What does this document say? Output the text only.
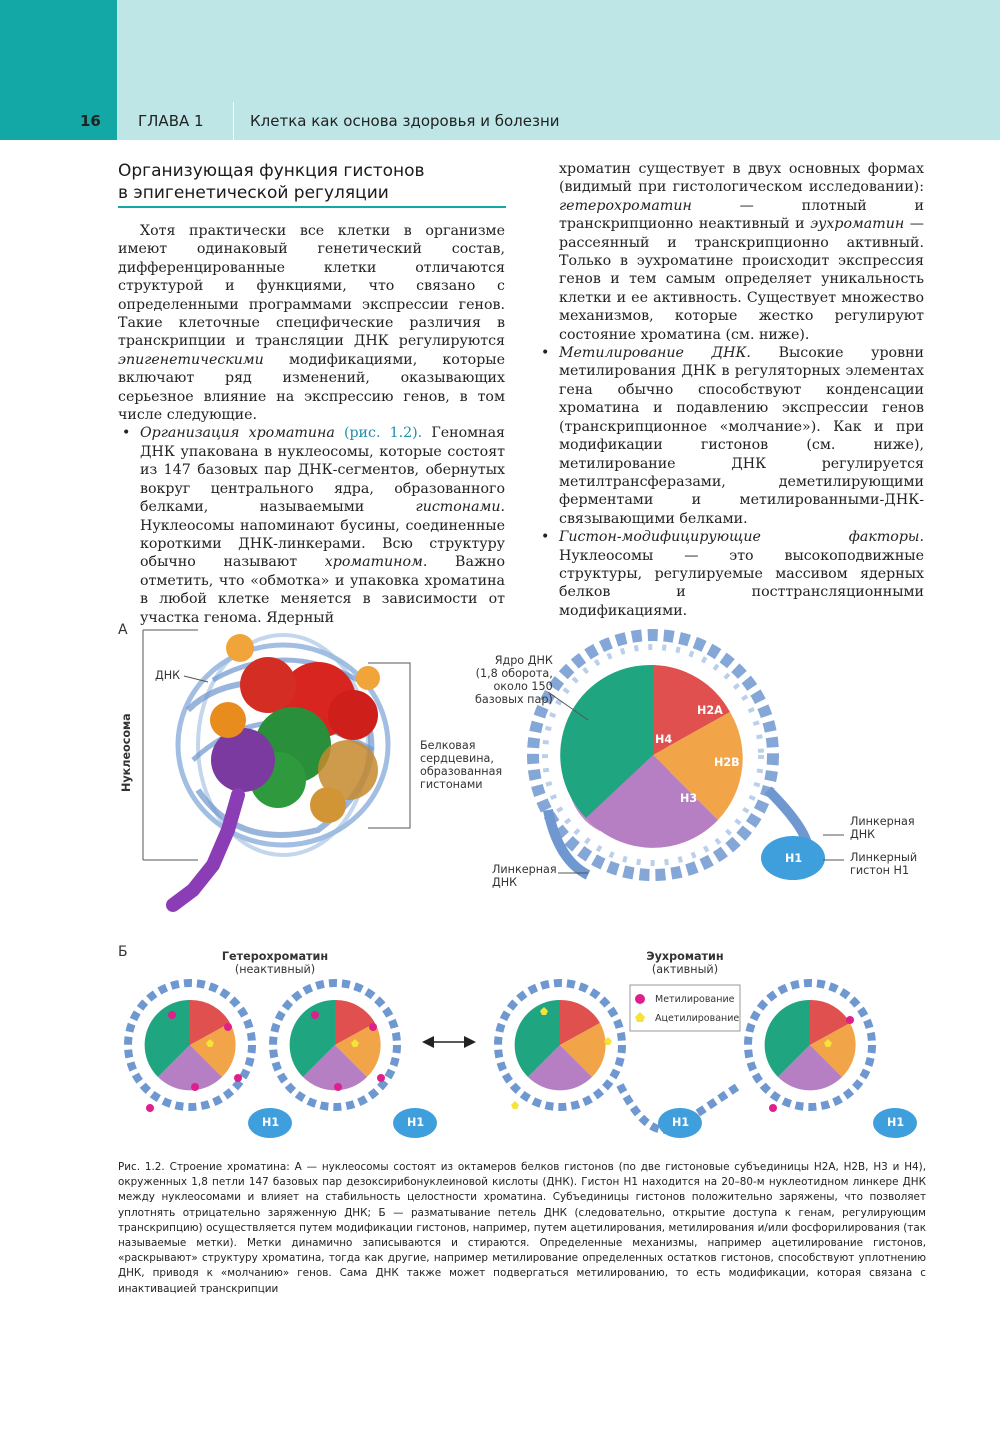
16 ГЛАВА 1	Клетка как основа здоровья и болезни
Организующая функция гистонов
в эпигенетической регуляции

Хотя практически все клетки в организме имеют одинаковый генетический состав, дифференцированные клетки отличаются структурой и функциями, что связано с определенными программами экспрессии генов. Такие клеточные специфические различия в транскрипции и трансляции ДНК регулируются эпигенетическими модификациями, которые включают ряд изменений, оказывающих серьезное влияние на экспрессию генов, в том числе следующие.

• Организация хроматина (рис. 1.2). Геномная ДНК упакована в нуклеосомы, которые состоят из 147 базовых пар ДНК-сегментов, обернутых вокруг центрального ядра, образованного белками, называемыми гистонами. Нуклеосомы напоминают бусины, соединенные короткими ДНК-линкерами. Всю структуру обычно называют хроматином. Важно отметить, что «обмотка» и упаковка хроматина в любой клетке меняется в зависимости от участка генома. Ядерный

хроматин существует в двух основных формах (видимый при гистологическом исследовании): гетерохроматин — плотный и транскрипционно неактивный и эухроматин — рассеянный и транскрипционно активный. Только в эухроматине происходит экспрессия генов и тем самым определяет уникальность клетки и ее активность. Существует множество механизмов, которые жестко регулируют состояние хроматина (см. ниже).

• Метилирование ДНК. Высокие уровни метилирования ДНК в регуляторных элементах гена обычно способствуют конденсации хроматина и подавлению экспрессии генов (транскрипционное «молчание»). Как и при модификации гистонов (см. ниже), метилирование ДНК регулируется метилтрансферазами, деметилирующими ферментами и метилированными-ДНК-связывающими белками.

• Гистон-модифицирующие факторы. Нуклеосомы — это высокоподвижные структуры, регулируемые массивом ядерных белков и посттрансляционными модификациями.

А
Нуклеосома
ДНК
Белковая
сердцевина,
образованная
гистонами
Ядро ДНК
(1,8 оборота,
около 150
базовых пар)
H2A
H4
H2B
H3
H1
Линкерная
ДНК
Линкерный
гистон H1
Линкерная
ДНК
Б	Гетерохроматин
(неактивный)
Эухроматин
(активный)
Метилирование
Ацетилирование
H1	H1	H1	H1
Рис. 1.2. Строение хроматина: А — нуклеосомы состоят из октамеров белков гистонов (по две гистоновые субъединицы H2A, H2B, H3 и H4), окруженных 1,8 петли 147 базовых пар дезоксирибонуклеиновой кислоты (ДНК). Гистон H1 находится на 20–80-м нуклеотидном линкере ДНК между нуклеосомами и влияет на стабильность целостности хроматина. Субъединицы гистонов положительно заряжены, что позволяет уплотнять отрицательно заряженную ДНК; Б — разматывание петель ДНК (следовательно, открытие доступа к генам, регулирующим транскрипцию) осуществляется путем модификации гистонов, например, путем ацетилирования, метилирования и/или фосфорилирования (так называемые метки). Метки динамично записываются и стираются. Определенные механизмы, например ацетилирование гистонов, «раскрывают» структуру хроматина, тогда как другие, например метилирование определенных остатков гистонов, способствуют уплотнению ДНК, приводя к «молчанию» генов. Сама ДНК также может подвергаться метилированию, то есть модификации, которая связана с инактивацией транскрипции
